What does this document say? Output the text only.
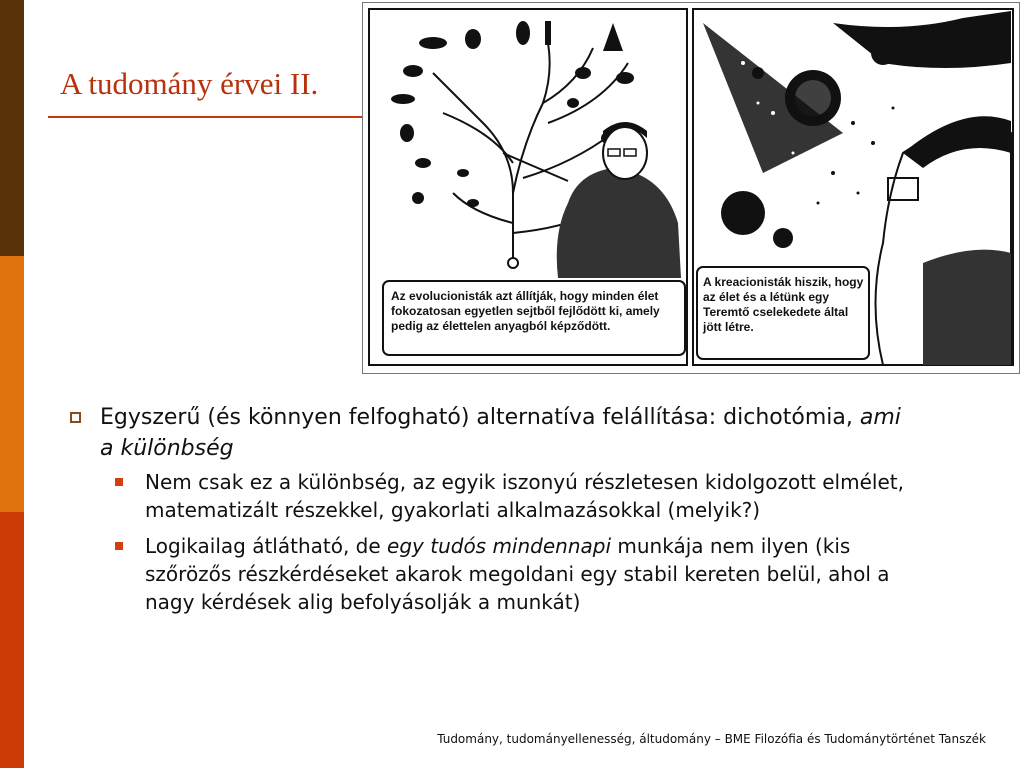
A tudomány érvei II.
Az evolucionisták azt állítják, hogy minden élet fokozatosan egyetlen sejtből fejlődött ki, amely pedig az élettelen anyagból képződött.
A kreacionisták hiszik, hogy az élet és a létünk egy Teremtő cselekedete által jött létre.
Egyszerű (és könnyen felfogható) alternatíva felállítása: dichotómia, ami a különbség
Nem csak ez a különbség, az egyik iszonyú részletesen kidolgozott elmélet, matematizált részekkel, gyakorlati alkalmazásokkal (melyik?)
Logikailag átlátható, de egy tudós mindennapi munkája nem ilyen (kis szőrözős részkérdéseket akarok megoldani egy stabil kereten belül, ahol a nagy kérdések alig befolyásolják a munkát)
Tudomány, tudományellenesség, áltudomány – BME Filozófia és Tudománytörténet Tanszék
